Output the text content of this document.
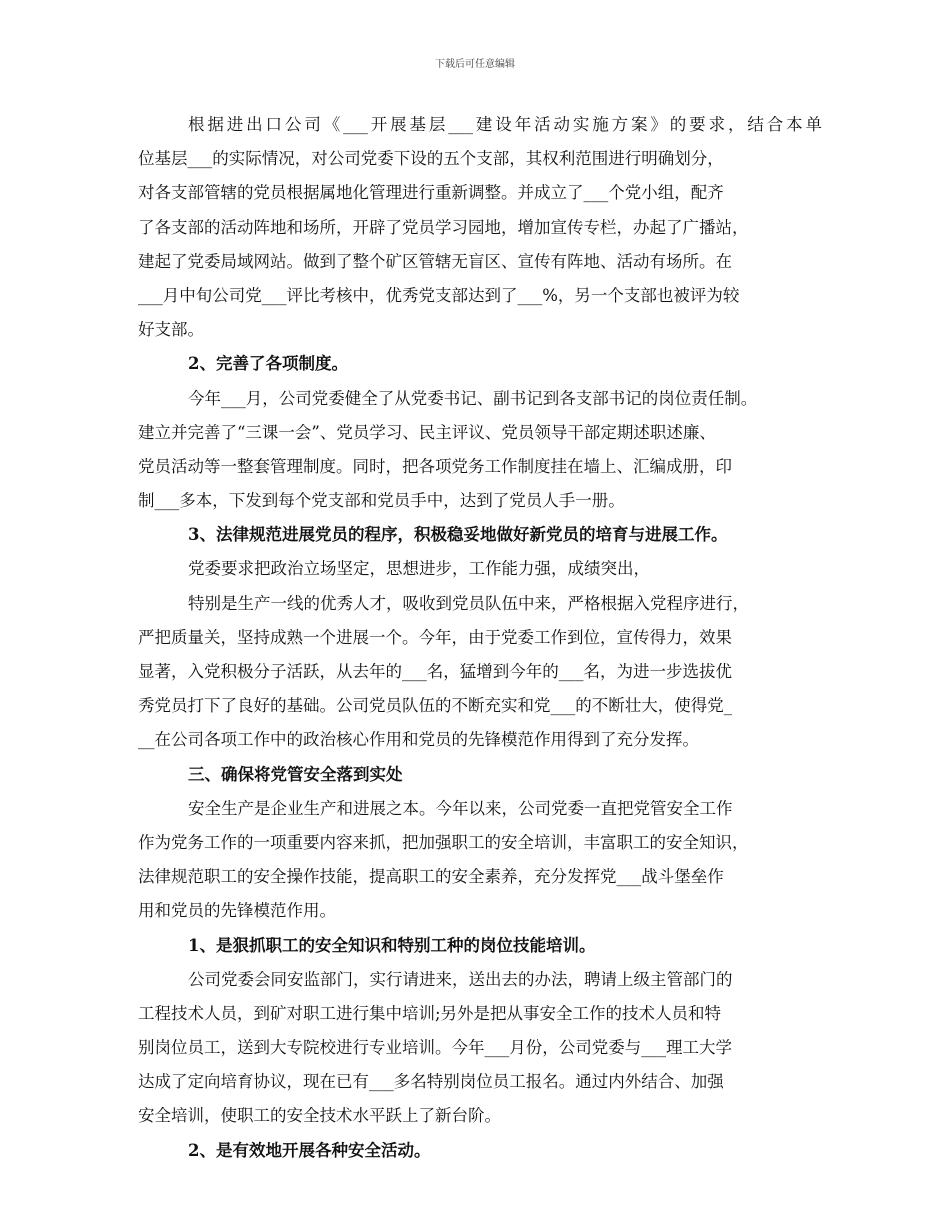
下载后可任意编辑
根据进出口公司《___开展基层___建设年活动实施方案》的要求，结合本单
位基层___的实际情况，对公司党委下设的五个支部，其权利范围进行明确划分，
对各支部管辖的党员根据属地化管理进行重新调整。并成立了___个党小组，配齐
了各支部的活动阵地和场所，开辟了党员学习园地，增加宣传专栏，办起了广播站，
建起了党委局域网站。做到了整个矿区管辖无盲区、宣传有阵地、活动有场所。在
___月中旬公司党___评比考核中，优秀党支部达到了___%，另一个支部也被评为较
好支部。
2、完善了各项制度。
今年___月，公司党委健全了从党委书记、副书记到各支部书记的岗位责任制。
建立并完善了“三课一会”、党员学习、民主评议、党员领导干部定期述职述廉、
党员活动等一整套管理制度。同时，把各项党务工作制度挂在墙上、汇编成册，印
制___多本，下发到每个党支部和党员手中，达到了党员人手一册。
3、法律规范进展党员的程序，积极稳妥地做好新党员的培育与进展工作。
党委要求把政治立场坚定，思想进步，工作能力强，成绩突出，
特别是生产一线的优秀人才，吸收到党员队伍中来，严格根据入党程序进行，
严把质量关，坚持成熟一个进展一个。今年，由于党委工作到位，宣传得力，效果
显著，入党积极分子活跃，从去年的___名，猛增到今年的___名，为进一步选拔优
秀党员打下了良好的基础。公司党员队伍的不断充实和党___的不断壮大，使得党_
__在公司各项工作中的政治核心作用和党员的先锋模范作用得到了充分发挥。
三、确保将党管安全落到实处
安全生产是企业生产和进展之本。今年以来，公司党委一直把党管安全工作
作为党务工作的一项重要内容来抓，把加强职工的安全培训，丰富职工的安全知识，
法律规范职工的安全操作技能，提高职工的安全素养，充分发挥党___战斗堡垒作
用和党员的先锋模范作用。
1、是狠抓职工的安全知识和特别工种的岗位技能培训。
公司党委会同安监部门，实行请进来，送出去的办法，聘请上级主管部门的
工程技术人员，到矿对职工进行集中培训;另外是把从事安全工作的技术人员和特
别岗位员工，送到大专院校进行专业培训。今年___月份，公司党委与___理工大学
达成了定向培育协议，现在已有___多名特别岗位员工报名。通过内外结合、加强
安全培训，使职工的安全技术水平跃上了新台阶。
2、是有效地开展各种安全活动。
